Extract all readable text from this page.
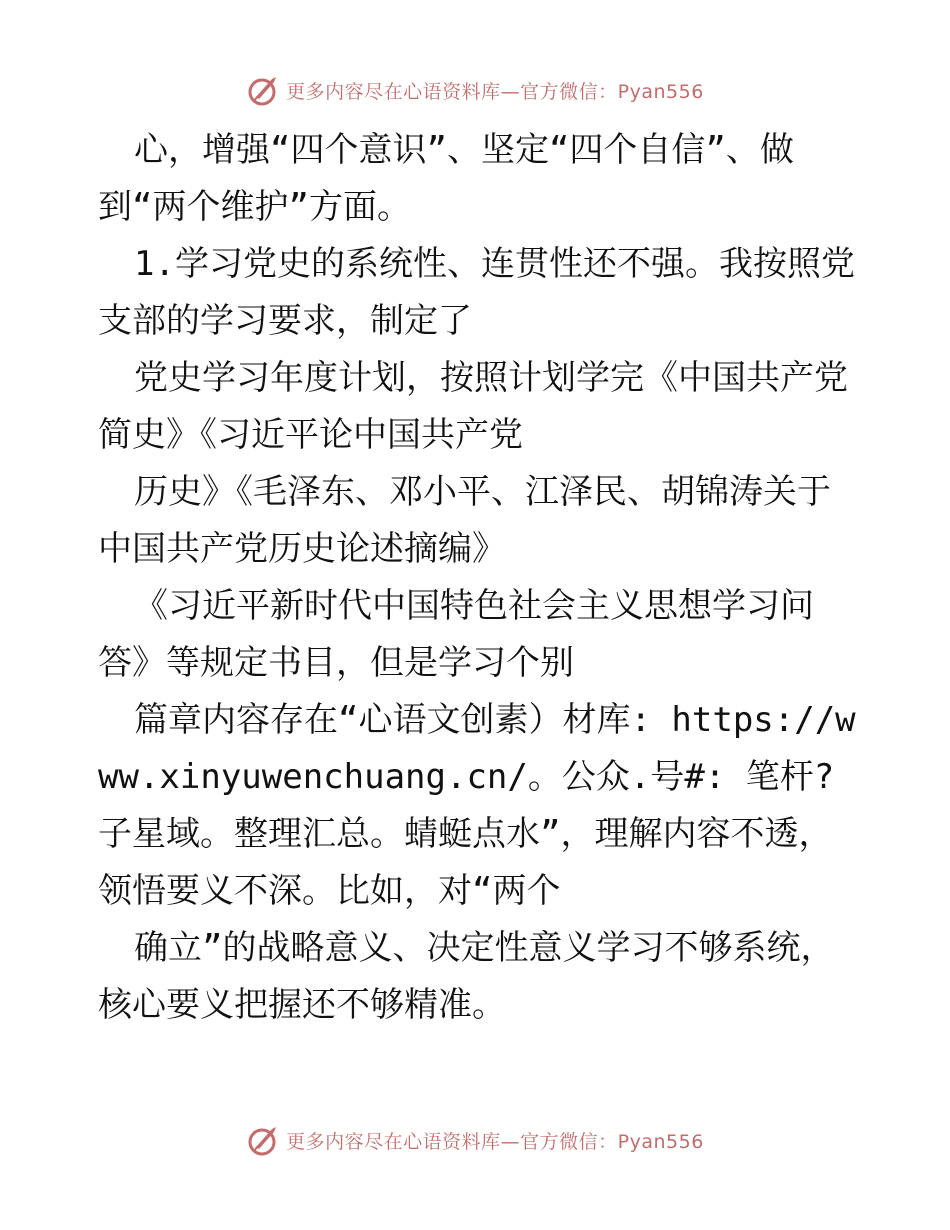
更多内容尽在心语资料库—官方微信：Pyan556

心，增强“四个意识”、坚定“四个自信”、做到“两个维护”方面。

1.学习党史的系统性、连贯性还不强。我按照党支部的学习要求，制定了

党史学习年度计划，按照计划学完《中国共产党简史》《习近平论中国共产党

历史》《毛泽东、邓小平、江泽民、胡锦涛关于中国共产党历史论述摘编》

《习近平新时代中国特色社会主义思想学习问答》等规定书目，但是学习个别

篇章内容存在“心语文创素）材库: https://www.xinyuwenchuang.cn/。公众.号#: 笔杆?子星域。整理汇总。蜻蜓点水”，理解内容不透，领悟要义不深。比如，对“两个

确立”的战略意义、决定性意义学习不够系统，核心要义把握还不够精准。

更多内容尽在心语资料库—官方微信：Pyan556
